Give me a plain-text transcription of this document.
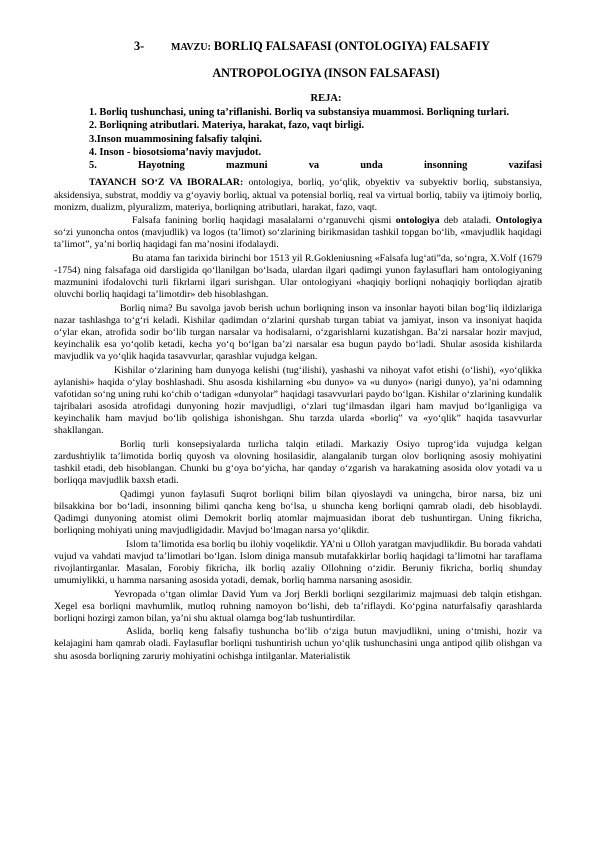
3-	MAVZU: BORLIQ FALSAFASI (ONTOLOGIYA) FALSAFIY
ANTROPOLOGIYA (INSON FALSAFASI)
REJA:

1. Borliq tushunchasi, uning ta’riflanishi. Borliq va substansiya muammosi. Borliqning turlari.

2. Borliqning atributlari. Materiya, harakat, fazo, vaqt birligi.

3.Inson muammosining falsafiy talqini.

4. Inson - biosotsioma’naviy mavjudot.

5. Hayotning mazmuni va unda insonning vazifasi

TAYANCH SO‘Z VA IBORALAR: ontologiya, borliq, yo‘qlik, obyektiv va subyektiv borliq, substansiya, aksidensiya, substrat, moddiy va g‘oyaviy borliq, aktual va potensial borliq, real va virtual borliq, tabiiy va ijtimoiy borliq, monizm, dualizm, plyuralizm, materiya, borliqning atributlari, harakat, fazo, vaqt.

Falsafa fanining borliq haqidagi masalalarni o‘rganuvchi qismi ontologiya deb ataladi. Ontologiya so‘zi yunoncha ontos (mavjudlik) va logos (ta’limot) so‘zlarining birikmasidan tashkil topgan bo‘lib, «mavjudlik haqidagi ta’limot”, ya’ni borliq haqidagi fan ma’nosini ifodalaydi.

Bu atama fan tarixida birinchi bor 1513 yil R.Gokleniusning «Falsafa lug‘ati”da, so‘ngra, X.Volf (1679 -1754) ning falsafaga oid darsligida qo‘llanilgan bo‘lsada, ulardan ilgari qadimgi yunon faylasuflari ham ontologiyaning mazmunini ifodalovchi turli fikrlarni ilgari surishgan. Ular ontologiyani «haqiqiy borliqni nohaqiqiy borliqdan ajratib oluvchi borliq haqidagi ta’limotdir» deb hisoblashgan.

Borliq nima? Bu savolga javob berish uchun borliqning inson va insonlar hayoti bilan bog‘liq ildizlariga nazar tashlashga to‘g‘ri keladi. Kishilar qadimdan o‘zlarini qurshab turgan tabiat va jamiyat, inson va insoniyat haqida o‘ylar ekan, atrofida sodir bo‘lib turgan narsalar va hodisalarni, o‘zgarishlarni kuzatishgan. Ba’zi narsalar hozir mavjud, keyinchalik esa yo‘qolib ketadi, kecha yo‘q bo‘lgan ba’zi narsalar esa bugun paydo bo‘ladi. Shular asosida kishilarda mavjudlik va yo‘qlik haqida tasavvurlar, qarashlar vujudga kelgan.

Kishilar o‘zlarining ham dunyoga kelishi (tug‘ilishi), yashashi va nihoyat vafot etishi (o‘lishi), «yo‘qlikka aylanishi» haqida o‘ylay boshlashadi. Shu asosda kishilarning «bu dunyo» va «u dunyo» (narigi dunyo), ya’ni odamning vafotidan so‘ng uning ruhi ko‘chib o‘tadigan «dunyolar” haqidagi tasavvurlari paydo bo‘lgan. Kishilar o‘zlarining kundalik tajribalari asosida atrofidagi dunyoning hozir mavjudligi, o‘zlari tug‘ilmasdan ilgari ham mavjud bo‘lganligiga va keyinchalik ham mavjud bo‘lib qolishiga ishonishgan. Shu tarzda ularda «borliq” va «yo‘qlik” haqida tasavvurlar shakllangan.

Borliq turli konsepsiyalarda turlicha talqin etiladi. Markaziy Osiyo tuprog‘ida vujudga kelgan zardushtiylik ta’limotida borliq quyosh va olovning hosilasidir, alangalanib turgan olov borliqning asosiy mohiyatini tashkil etadi, deb hisoblangan. Chunki bu g‘oya bo‘yicha, har qanday o‘zgarish va harakatning asosida olov yotadi va u borliqqa mavjudlik baxsh etadi.

Qadimgi yunon faylasufi Suqrot borliqni bilim bilan qiyoslaydi va uningcha, biror narsa, biz uni bilsakkina bor bo‘ladi, insonning bilimi qancha keng bo‘lsa, u shuncha keng borliqni qamrab oladi, deb hisoblaydi. Qadimgi dunyoning atomist olimi Demokrit borliq atomlar majmuasidan iborat deb tushuntirgan. Uning fikricha, borliqning mohiyati uning mavjudligidadir. Mavjud bo‘lmagan narsa yo‘qlikdir.

Islom ta’limotida esa borliq bu ilohiy voqelikdir. YA’ni u Olloh yaratgan mavjudlikdir. Bu borada vahdati vujud va vahdati mavjud ta’limotlari bo‘lgan. Islom diniga mansub mutafakkirlar borliq haqidagi ta’limotni har taraflama rivojlantirganlar. Masalan, Forobiy fikricha, ilk borliq azaliy Ollohning o‘zidir. Beruniy fikricha, borliq shunday umumiylikki, u hamma narsaning asosida yotadi, demak, borliq hamma narsaning asosidir.

Yevropada o‘tgan olimlar David Yum va Jorj Berkli borliqni sezgilarimiz majmuasi deb talqin etishgan. Xegel esa borliqni mavhumlik, mutloq ruhning namoyon bo‘lishi, deb ta’riflaydi. Ko‘pgina naturfalsafiy qarashlarda borliqni hozirgi zamon bilan, ya’ni shu aktual olamga bog‘lab tushuntirdilar.

Aslida, borliq keng falsafiy tushuncha bo‘lib o‘ziga butun mavjudlikni, uning o‘tmishi, hozir va kelajagini ham qamrab oladi. Faylasuflar borliqni tushuntirish uchun yo‘qlik tushunchasini unga antipod qilib olishgan va shu asosda borliqning zaruriy mohiyatini ochishga intilganlar. Materialistik
